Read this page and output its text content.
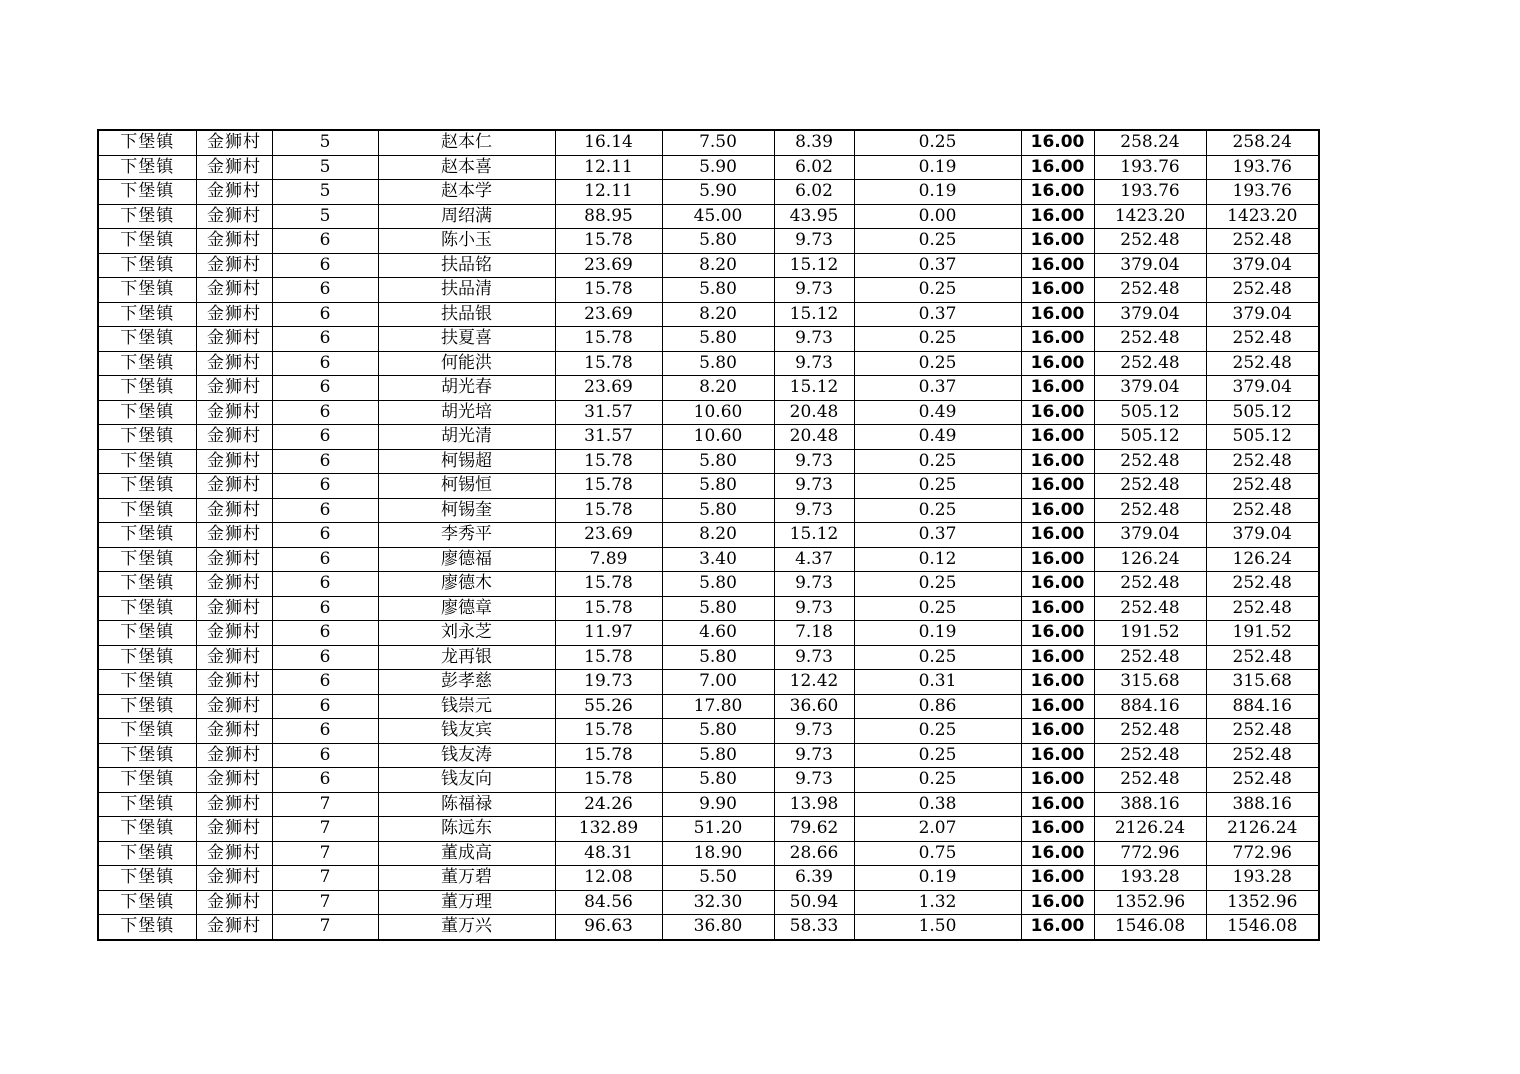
下堡镇	金狮村	5	赵本仁	16.14	7.50	8.39	0.25	16.00	258.24	258.24
下堡镇	金狮村	5	赵本喜	12.11	5.90	6.02	0.19	16.00	193.76	193.76
下堡镇	金狮村	5	赵本学	12.11	5.90	6.02	0.19	16.00	193.76	193.76
下堡镇	金狮村	5	周绍满	88.95	45.00	43.95	0.00	16.00	1423.20	1423.20
下堡镇	金狮村	6	陈小玉	15.78	5.80	9.73	0.25	16.00	252.48	252.48
下堡镇	金狮村	6	扶品铭	23.69	8.20	15.12	0.37	16.00	379.04	379.04
下堡镇	金狮村	6	扶品清	15.78	5.80	9.73	0.25	16.00	252.48	252.48
下堡镇	金狮村	6	扶品银	23.69	8.20	15.12	0.37	16.00	379.04	379.04
下堡镇	金狮村	6	扶夏喜	15.78	5.80	9.73	0.25	16.00	252.48	252.48
下堡镇	金狮村	6	何能洪	15.78	5.80	9.73	0.25	16.00	252.48	252.48
下堡镇	金狮村	6	胡光春	23.69	8.20	15.12	0.37	16.00	379.04	379.04
下堡镇	金狮村	6	胡光培	31.57	10.60	20.48	0.49	16.00	505.12	505.12
下堡镇	金狮村	6	胡光清	31.57	10.60	20.48	0.49	16.00	505.12	505.12
下堡镇	金狮村	6	柯锡超	15.78	5.80	9.73	0.25	16.00	252.48	252.48
下堡镇	金狮村	6	柯锡恒	15.78	5.80	9.73	0.25	16.00	252.48	252.48
下堡镇	金狮村	6	柯锡奎	15.78	5.80	9.73	0.25	16.00	252.48	252.48
下堡镇	金狮村	6	李秀平	23.69	8.20	15.12	0.37	16.00	379.04	379.04
下堡镇	金狮村	6	廖德福	7.89	3.40	4.37	0.12	16.00	126.24	126.24
下堡镇	金狮村	6	廖德木	15.78	5.80	9.73	0.25	16.00	252.48	252.48
下堡镇	金狮村	6	廖德章	15.78	5.80	9.73	0.25	16.00	252.48	252.48
下堡镇	金狮村	6	刘永芝	11.97	4.60	7.18	0.19	16.00	191.52	191.52
下堡镇	金狮村	6	龙再银	15.78	5.80	9.73	0.25	16.00	252.48	252.48
下堡镇	金狮村	6	彭孝慈	19.73	7.00	12.42	0.31	16.00	315.68	315.68
下堡镇	金狮村	6	钱崇元	55.26	17.80	36.60	0.86	16.00	884.16	884.16
下堡镇	金狮村	6	钱友宾	15.78	5.80	9.73	0.25	16.00	252.48	252.48
下堡镇	金狮村	6	钱友涛	15.78	5.80	9.73	0.25	16.00	252.48	252.48
下堡镇	金狮村	6	钱友向	15.78	5.80	9.73	0.25	16.00	252.48	252.48
下堡镇	金狮村	7	陈福禄	24.26	9.90	13.98	0.38	16.00	388.16	388.16
下堡镇	金狮村	7	陈远东	132.89	51.20	79.62	2.07	16.00	2126.24	2126.24
下堡镇	金狮村	7	董成高	48.31	18.90	28.66	0.75	16.00	772.96	772.96
下堡镇	金狮村	7	董万碧	12.08	5.50	6.39	0.19	16.00	193.28	193.28
下堡镇	金狮村	7	董万理	84.56	32.30	50.94	1.32	16.00	1352.96	1352.96
下堡镇	金狮村	7	董万兴	96.63	36.80	58.33	1.50	16.00	1546.08	1546.08
